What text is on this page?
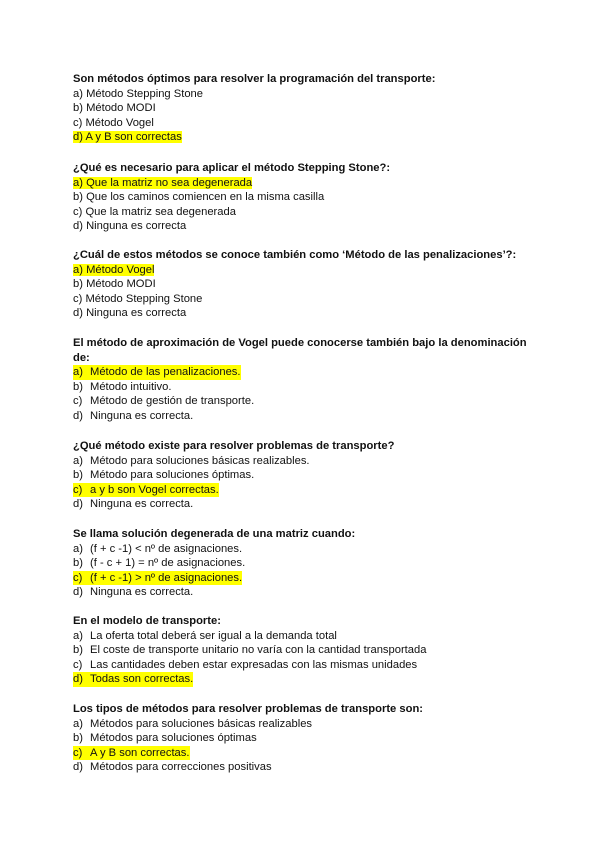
Son métodos óptimos para resolver la programación del transporte:

a) Método Stepping Stone
b) Método MODI
c) Método Vogel
d) A y B son correctas

¿Qué es necesario para aplicar el método Stepping Stone?:

a) Que la matriz no sea degenerada
b) Que los caminos comiencen en la misma casilla
c) Que la matriz sea degenerada
d) Ninguna es correcta

¿Cuál de estos métodos se conoce también como ‘Método de las penalizaciones’?:

a) Método Vogel
b) Método MODI
c) Método Stepping Stone
d) Ninguna es correcta

El método de aproximación de Vogel puede conocerse también bajo la denominación de:

a) Método de las penalizaciones.
b) Método intuitivo.
c) Método de gestión de transporte.
d) Ninguna es correcta.

¿Qué método existe para resolver problemas de transporte?

a) Método para soluciones básicas realizables.
b) Método para soluciones óptimas.
c) a y b son Vogel correctas.
d) Ninguna es correcta.

Se llama solución degenerada de una matriz cuando:

a) (f + c -1) < nº de asignaciones.
b) (f - c + 1) = nº de asignaciones.
c) (f + c -1) > nº de asignaciones.
d) Ninguna es correcta.

En el modelo de transporte:

a) La oferta total deberá ser igual a la demanda total
b) El coste de transporte unitario no varía con la cantidad transportada
c) Las cantidades deben estar expresadas con las mismas unidades
d) Todas son correctas.

Los tipos de métodos para resolver problemas de transporte son:

a) Métodos para soluciones básicas realizables
b) Métodos para soluciones óptimas
c) A y B son correctas.
d) Métodos para correcciones positivas
